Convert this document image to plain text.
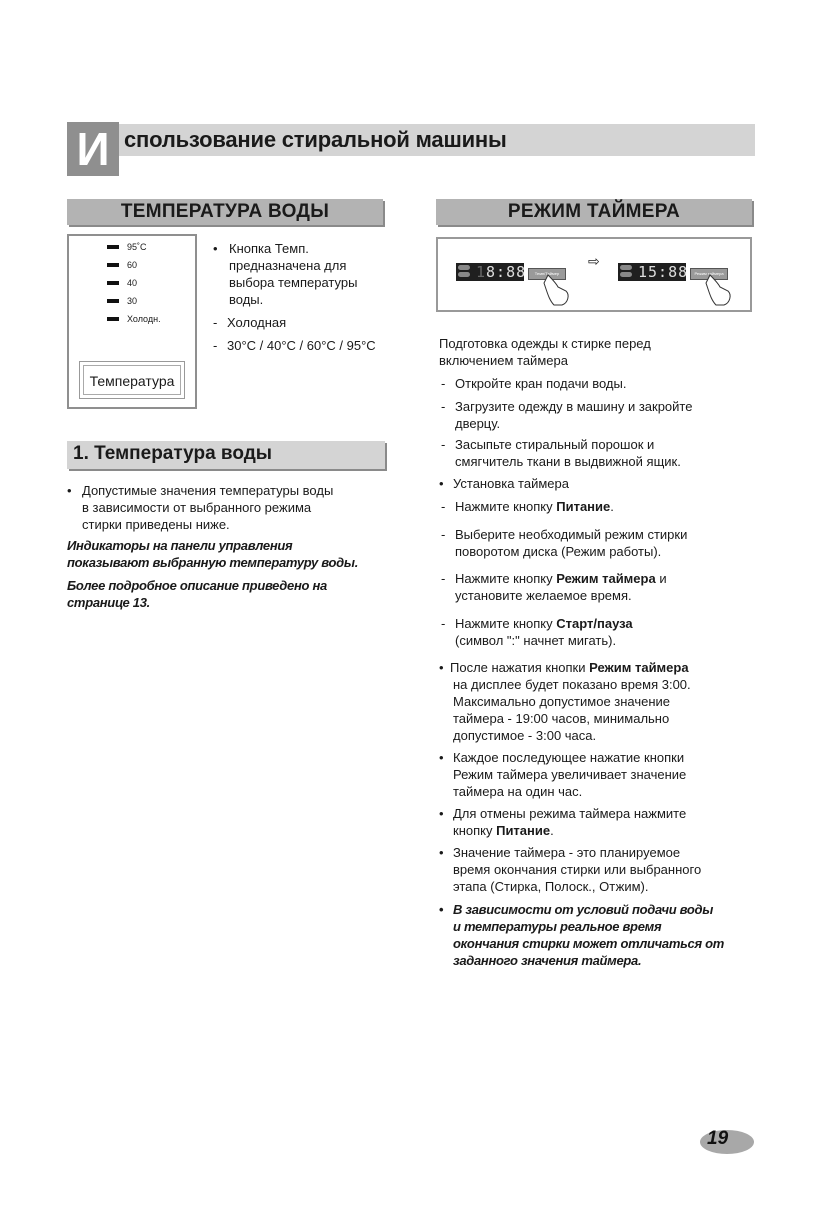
И спользование стиральной машины
ТЕМПЕРАТУРА ВОДЫ
95˚C
60
40
30
Холодн.
Температура
• Кнопка Темп.
предназначена для
выбора температуры
воды.
- Холодная
- 30°C / 40°C / 60°C / 95°C
1. Температура воды
• Допустимые значения температуры воды
в зависимости от выбранного режима
стирки приведены ниже.
Индикаторы на панели управления
показывают выбранную температуру воды.
Более подробное описание приведено на
странице 13.
РЕЖИМ ТАЙМЕРА
18:88	Темп/Таймер
⇨
15:88	Режим таймера
Подготовка одежды к стирке перед
включением таймера
- Откройте кран подачи воды.
- Загрузите одежду в машину и закройте
дверцу.
- Засыпьте стиральный порошок и
смягчитель ткани в выдвижной ящик.
• Установка таймера
- Нажмите кнопку Питание.
- Выберите необходимый режим стирки
поворотом диска (Режим работы).
- Нажмите кнопку Режим таймера и
установите желаемое время.
- Нажмите кнопку Старт/пауза
(символ ":" начнет мигать).
• После нажатия кнопки Режим таймера
на дисплее будет показано время 3:00.
Максимально допустимое значение
таймера - 19:00 часов, минимально
допустимое - 3:00 часа.
• Каждое последующее нажатие кнопки
Режим таймера увеличивает значение
таймера на один час.
• Для отмены режима таймера нажмите
кнопку Питание.
• Значение таймера - это планируемое
время окончания стирки или выбранного
этапа (Стирка, Полоск., Отжим).
• В зависимости от условий подачи воды
и температуры реальное время
окончания стирки может отличаться от
заданного значения таймера.
19
